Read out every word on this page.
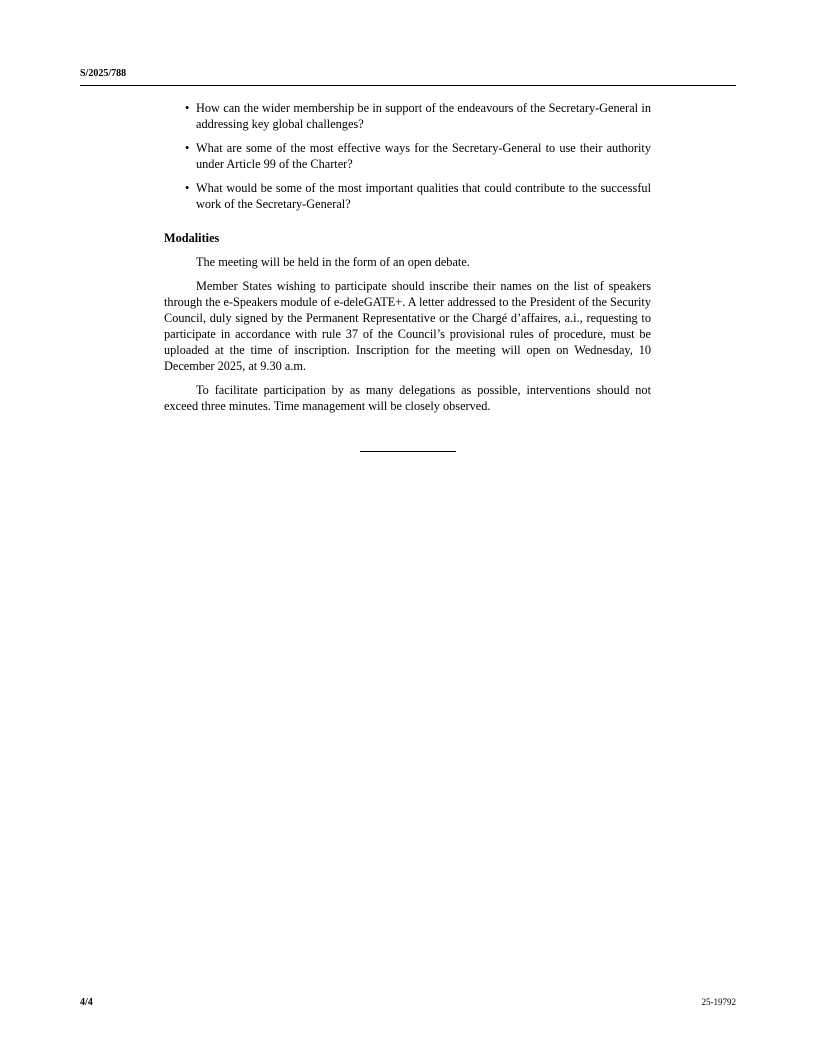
S/2025/788
• How can the wider membership be in support of the endeavours of the Secretary-General in addressing key global challenges?
• What are some of the most effective ways for the Secretary-General to use their authority under Article 99 of the Charter?
• What would be some of the most important qualities that could contribute to the successful work of the Secretary-General?
Modalities

The meeting will be held in the form of an open debate.

Member States wishing to participate should inscribe their names on the list of speakers through the e-Speakers module of e-deleGATE+. A letter addressed to the President of the Security Council, duly signed by the Permanent Representative or the Chargé d’affaires, a.i., requesting to participate in accordance with rule 37 of the Council’s provisional rules of procedure, must be uploaded at the time of inscription. Inscription for the meeting will open on Wednesday, 10 December 2025, at 9.30 a.m.

To facilitate participation by as many delegations as possible, interventions should not exceed three minutes. Time management will be closely observed.

4/4	25-19792
